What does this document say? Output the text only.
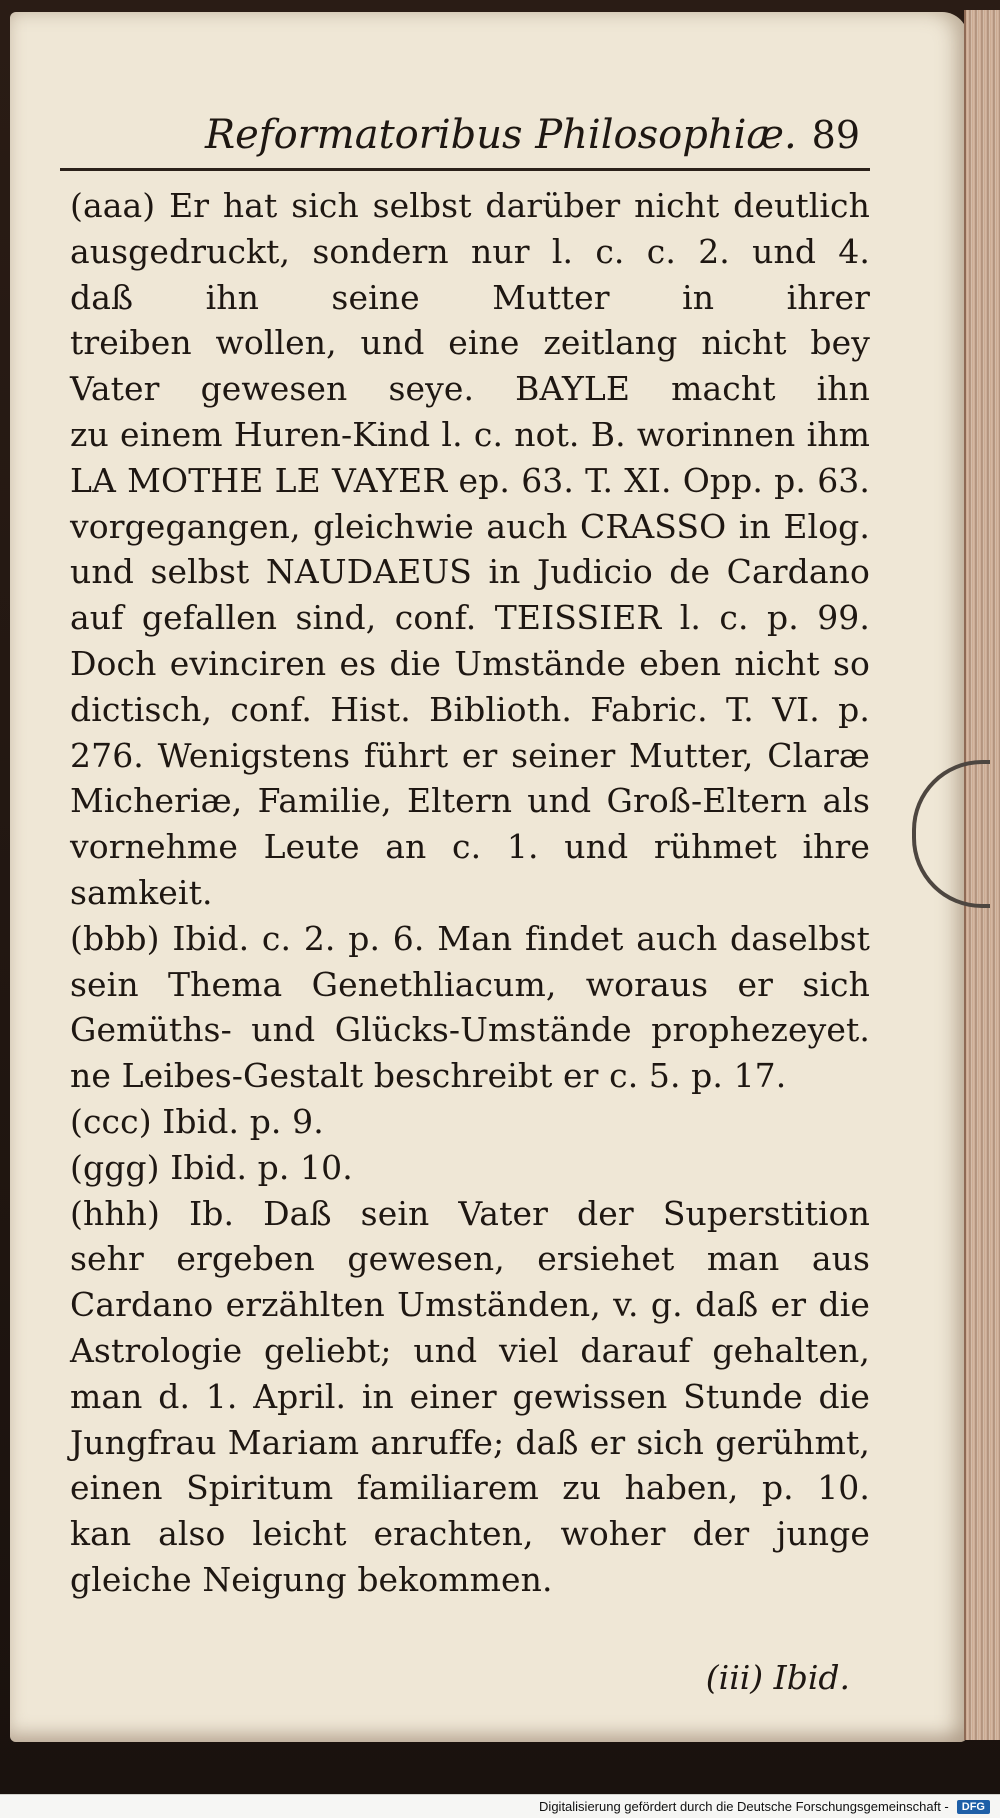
Reformatoribus Philosophiæ. 89
(aaa) Er hat sich selbst darüber nicht deutlich
ausgedruckt, sondern nur l. c. c. 2. und 4.
daß ihn seine Mutter in ihrer
treiben wollen, und eine zeitlang nicht bey
Vater gewesen seye. BAYLE macht ihn
zu einem Huren-Kind l. c. not. B. worinnen ihm
LA MOTHE LE VAYER ep. 63. T. XI. Opp. p. 63.
vorgegangen, gleichwie auch CRASSO in Elog.
und selbst NAUDAEUS in Judicio de Cardano
auf gefallen sind, conf. TEISSIER l. c. p. 99.
Doch evinciren es die Umstände eben nicht so
dictisch, conf. Hist. Biblioth. Fabric. T. VI. p.
276. Wenigstens führt er seiner Mutter, Claræ
Micheriæ, Familie, Eltern und Groß-Eltern als
vornehme Leute an c. 1. und rühmet ihre
samkeit.
(bbb) Ibid. c. 2. p. 6. Man findet auch daselbst
sein Thema Genethliacum, woraus er sich
Gemüths- und Glücks-Umstände prophezeyet.
ne Leibes-Gestalt beschreibt er c. 5. p. 17.
(ccc) Ibid. p. 9.
(ggg) Ibid. p. 10.
(hhh) Ib. Daß sein Vater der Superstition
sehr ergeben gewesen, ersiehet man aus
Cardano erzählten Umständen, v. g. daß er die
Astrologie geliebt; und viel darauf gehalten,
man d. 1. April. in einer gewissen Stunde die
Jungfrau Mariam anruffe; daß er sich gerühmt,
einen Spiritum familiarem zu haben, p. 10.
kan also leicht erachten, woher der junge
gleiche Neigung bekommen.
(iii) Ibid.
Digitalisierung gefördert durch die Deutsche Forschungsgemeinschaft -	DFG
